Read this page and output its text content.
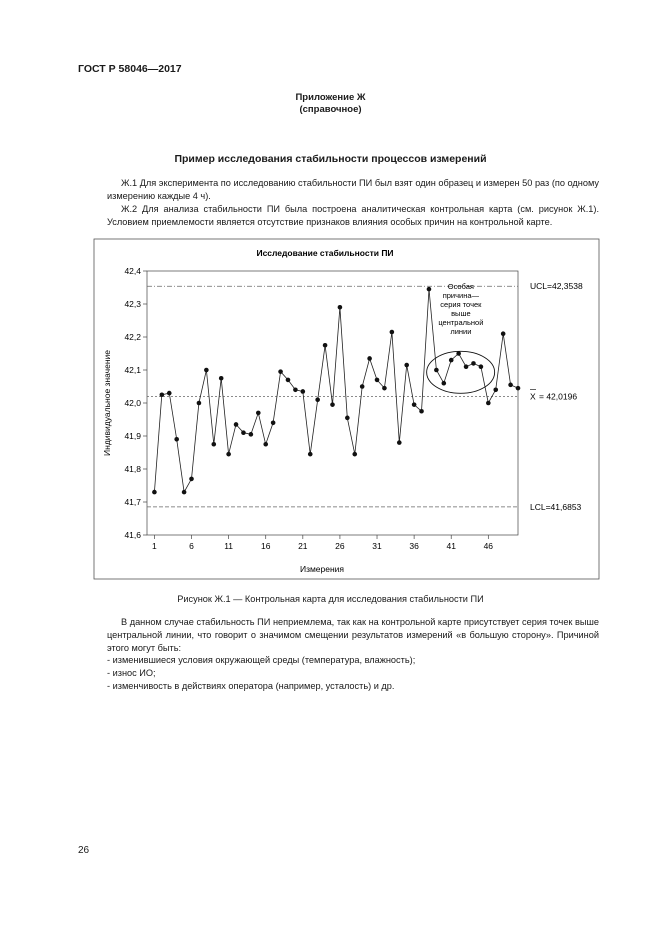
ГОСТ Р 58046—2017
Приложение Ж
(справочное)
Пример исследования стабильности процессов измерений
Ж.1 Для эксперимента по исследованию стабильности ПИ был взят один образец и измерен 50 раз (по одному измерению каждые 4 ч).
Ж.2 Для анализа стабильности ПИ была построена аналитическая контрольная карта (см. рисунок Ж.1). Условием приемлемости является отсутствие признаков влияния особых причин на контрольной карте.
Исследование стабильности ПИ
41,6
41,7
41,8
41,9
42,0
42,1
42,2
42,3
42,4
1	6	11	16	21	26	31	36	41	46
UCL=42,3538
X = 42,0196
LCL=41,6853
Особая
причина—
серия точек
выше
центральной
линии
Измерения
Индивидуальное значение
Рисунок Ж.1 — Контрольная карта для исследования стабильности ПИ
В данном случае стабильность ПИ неприемлема, так как на контрольной карте присутствует серия точек выше центральной линии, что говорит о значимом смещении результатов измерений «в большую сторону». Причиной этого могут быть:
- изменившиеся условия окружающей среды (температура, влажность);
- износ ИО;
- изменчивость в действиях оператора (например, усталость) и др.
26
